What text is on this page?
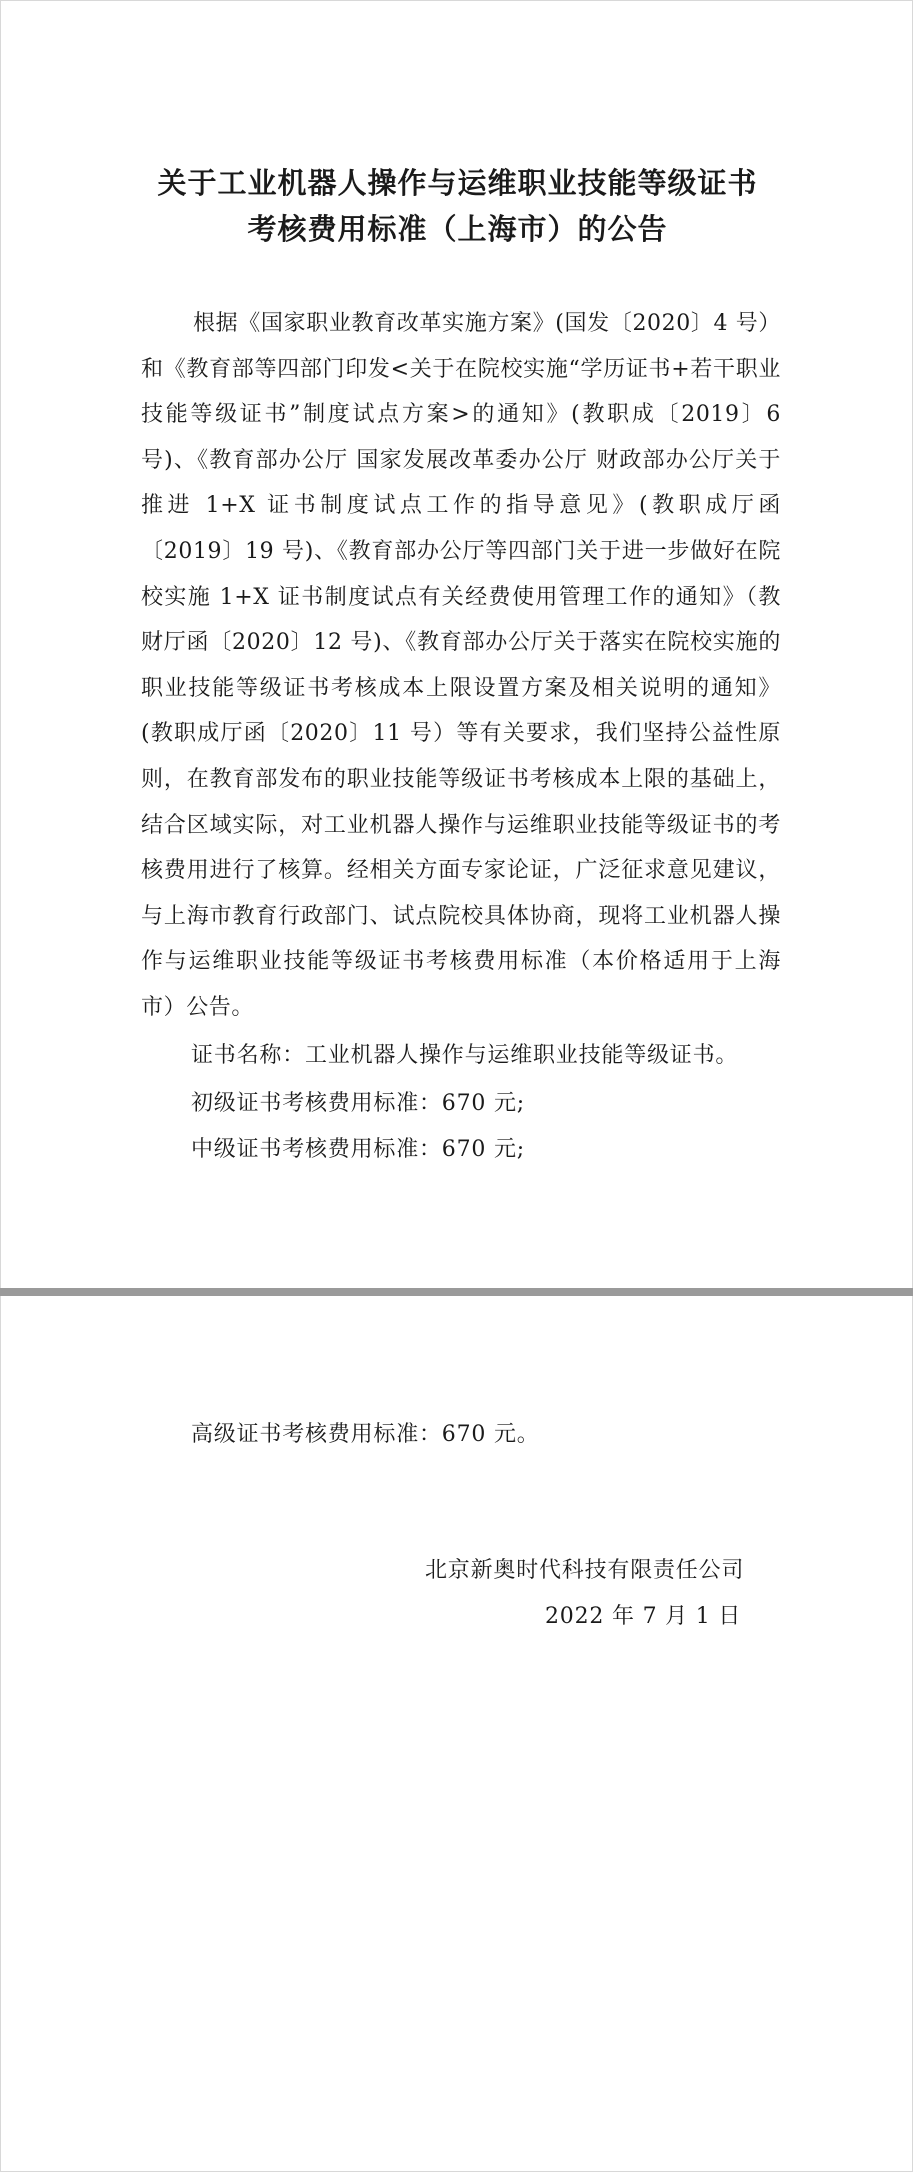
关于工业机器人操作与运维职业技能等级证书
考核费用标准（上海市）的公告

根据《国家职业教育改革实施方案》(国发〔2020〕4 号）和《教育部等四部门印发<关于在院校实施“学历证书+若干职业技能等级证书”制度试点方案>的通知》(教职成〔2019〕6 号)、《教育部办公厅 国家发展改革委办公厅 财政部办公厅关于推进 1+X 证书制度试点工作的指导意见》(教职成厅函〔2019〕19 号)、《教育部办公厅等四部门关于进一步做好在院校实施 1+X 证书制度试点有关经费使用管理工作的通知》（教财厅函〔2020〕12 号)、《教育部办公厅关于落实在院校实施的职业技能等级证书考核成本上限设置方案及相关说明的通知》(教职成厅函〔2020〕11 号）等有关要求，我们坚持公益性原则，在教育部发布的职业技能等级证书考核成本上限的基础上，结合区域实际，对工业机器人操作与运维职业技能等级证书的考核费用进行了核算。经相关方面专家论证，广泛征求意见建议，与上海市教育行政部门、试点院校具体协商，现将工业机器人操作与运维职业技能等级证书考核费用标准（本价格适用于上海市）公告。

证书名称：工业机器人操作与运维职业技能等级证书。

初级证书考核费用标准：670 元;

中级证书考核费用标准：670 元;

高级证书考核费用标准：670 元。

北京新奥时代科技有限责任公司

2022 年 7 月 1 日
